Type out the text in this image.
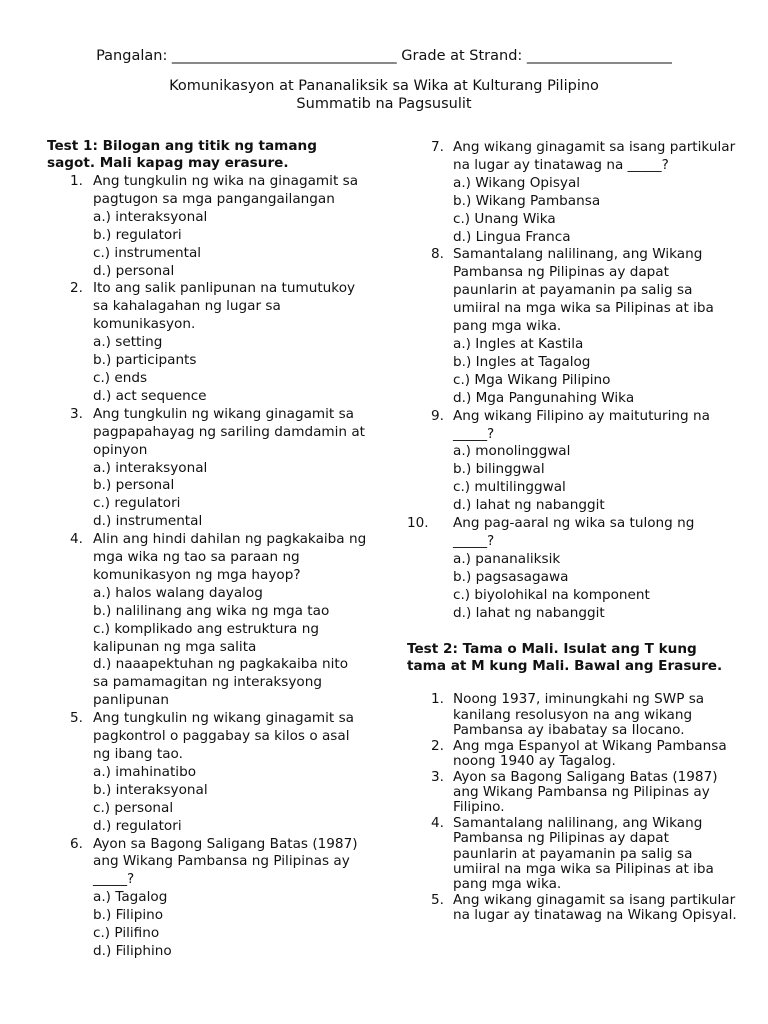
Pangalan: _______________________________ Grade at Strand: ____________________
Komunikasyon at Pananaliksik sa Wika at Kulturang Pilipino
Summatib na Pagsusulit

Test 1: Bilogan ang titik ng tamang sagot. Mali kapag may erasure.

1. Ang tungkulin ng wika na ginagamit sa pagtugon sa mga pangangailangan
a.) interaksyonal
b.) regulatori
c.) instrumental
d.) personal
2. Ito ang salik panlipunan na tumutukoy sa kahalagahan ng lugar sa komunikasyon.
a.) setting
b.) participants
c.) ends
d.) act sequence
3. Ang tungkulin ng wikang ginagamit sa pagpapahayag ng sariling damdamin at opinyon
a.) interaksyonal
b.) personal
c.) regulatori
d.) instrumental
4. Alin ang hindi dahilan ng pagkakaiba ng mga wika ng tao sa paraan ng komunikasyon ng mga hayop?
a.) halos walang dayalog
b.) nalilinang ang wika ng mga tao
c.) komplikado ang estruktura ng kalipunan ng mga salita
d.) naaapektuhan ng pagkakaiba nito sa pamamagitan ng interaksyong panlipunan
5. Ang tungkulin ng wikang ginagamit sa pagkontrol o paggabay sa kilos o asal ng ibang tao.
a.) imahinatibo
b.) interaksyonal
c.) personal
d.) regulatori
6. Ayon sa Bagong Saligang Batas (1987) ang Wikang Pambansa ng Pilipinas ay _____?
a.) Tagalog
b.) Filipino
c.) Pilifino
d.) Filiphino
7. Ang wikang ginagamit sa isang partikular na lugar ay tinatawag na _____?
a.) Wikang Opisyal
b.) Wikang Pambansa
c.) Unang Wika
d.) Lingua Franca
8. Samantalang nalilinang, ang Wikang Pambansa ng Pilipinas ay dapat paunlarin at payamanin pa salig sa umiiral na mga wika sa Pilipinas at iba pang mga wika.
a.) Ingles at Kastila
b.) Ingles at Tagalog
c.) Mga Wikang Pilipino
d.) Mga Pangunahing Wika
9. Ang wikang Filipino ay maituturing na _____?
a.) monolinggwal
b.) bilinggwal
c.) multilinggwal
d.) lahat ng nabanggit
10.	Ang pag-aaral ng wika sa tulong ng _____?
a.) pananaliksik
b.) pagsasagawa
c.) biyolohikal na komponent
d.) lahat ng nabanggit

Test 2: Tama o Mali. Isulat ang T kung tama at M kung Mali. Bawal ang Erasure.

1. Noong 1937, iminungkahi ng SWP sa kanilang resolusyon na ang wikang Pambansa ay ibabatay sa Ilocano.
2. Ang mga Espanyol at Wikang Pambansa noong 1940 ay Tagalog.
3. Ayon sa Bagong Saligang Batas (1987) ang Wikang Pambansa ng Pilipinas ay Filipino.
4. Samantalang nalilinang, ang Wikang Pambansa ng Pilipinas ay dapat paunlarin at payamanin pa salig sa umiiral na mga wika sa Pilipinas at iba pang mga wika.
5. Ang wikang ginagamit sa isang partikular na lugar ay tinatawag na Wikang Opisyal.
